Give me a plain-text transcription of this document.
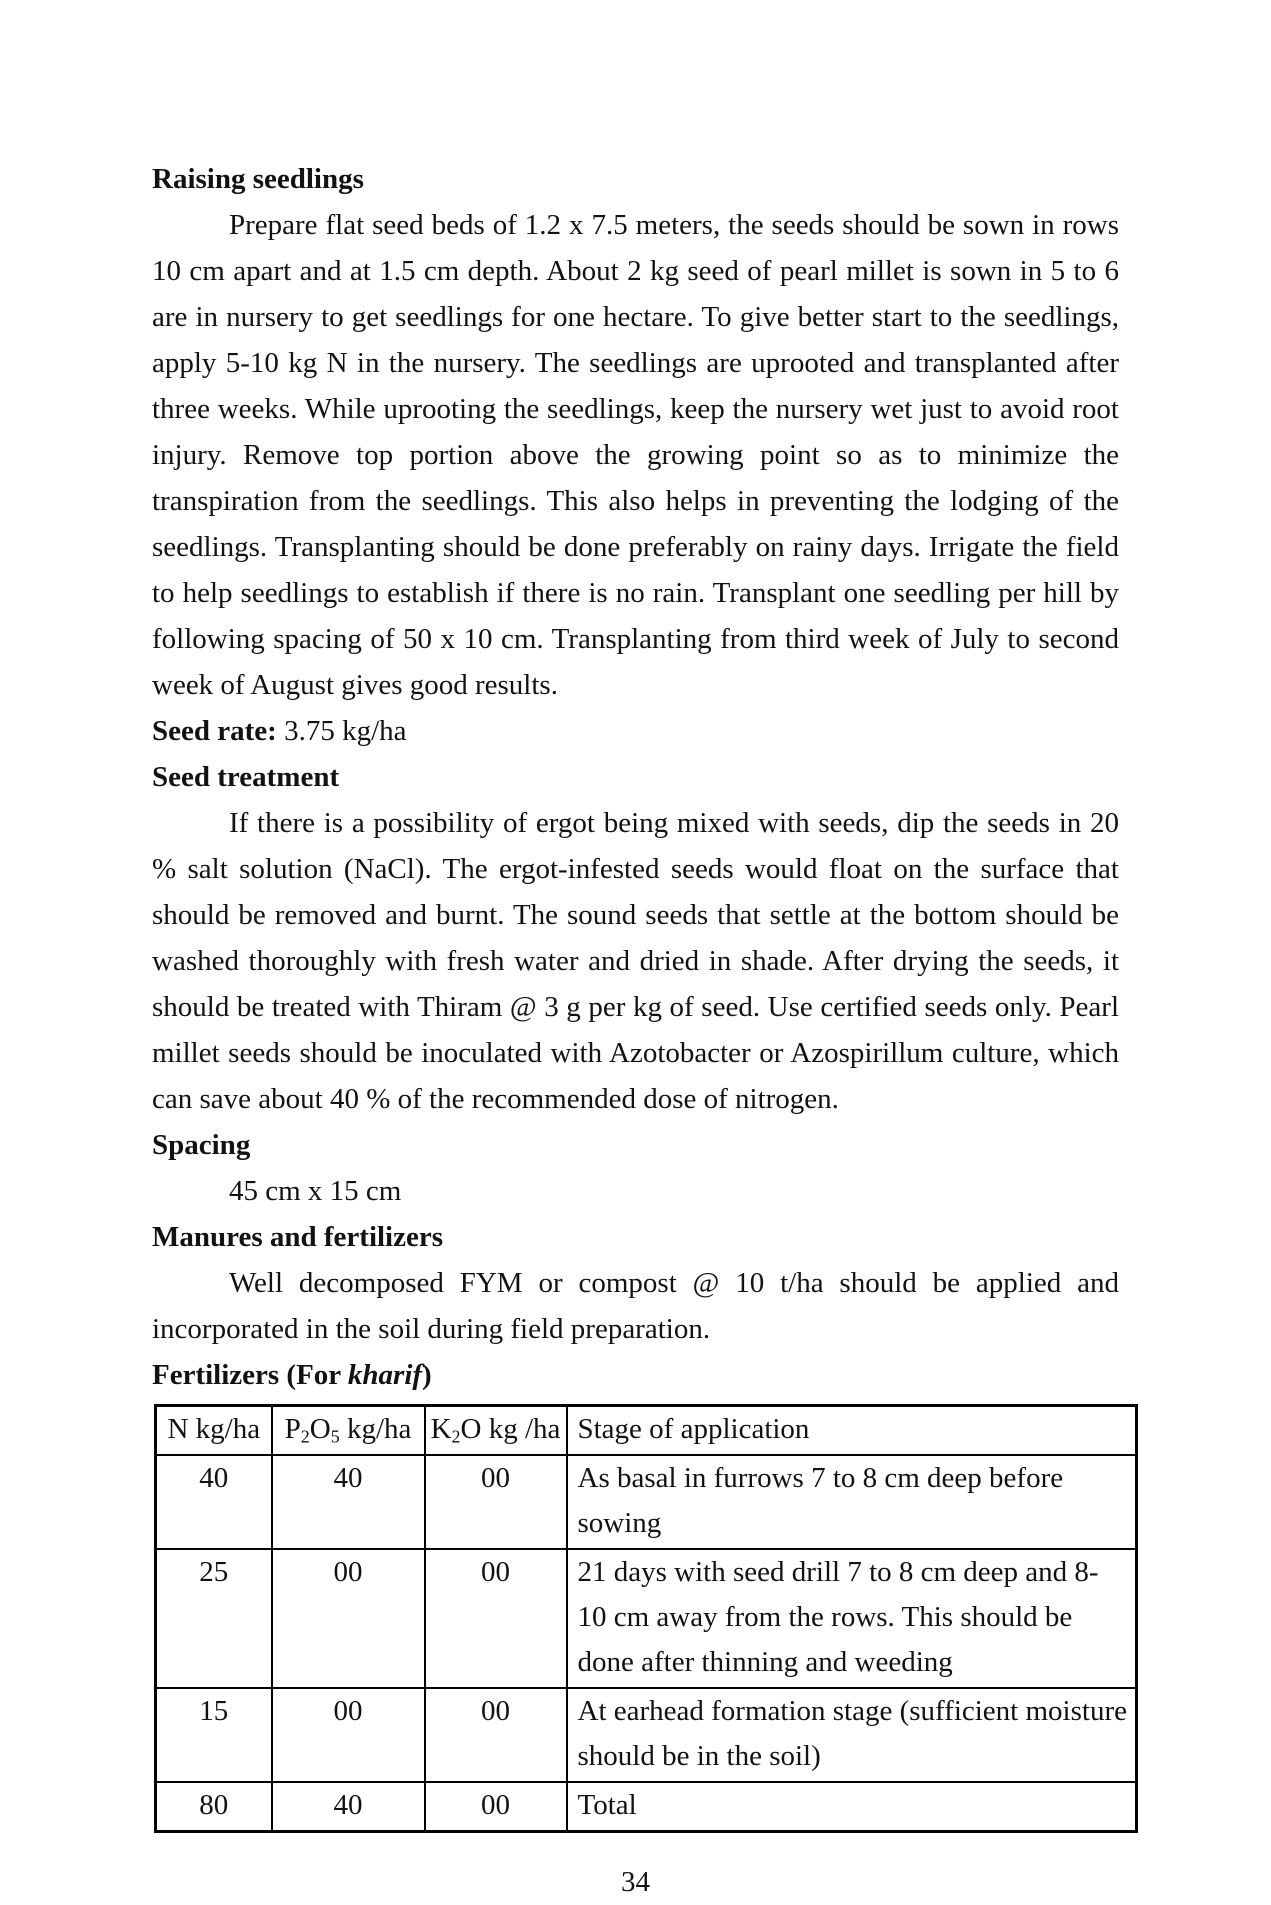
Raising seedlings

Prepare flat seed beds of 1.2 x 7.5 meters, the seeds should be sown in rows 10 cm apart and at 1.5 cm depth. About 2 kg seed of pearl millet is sown in 5 to 6 are in nursery to get seedlings for one hectare. To give better start to the seedlings, apply 5-10 kg N in the nursery. The seedlings are uprooted and transplanted after three weeks. While uprooting the seedlings, keep the nursery wet just to avoid root injury. Remove top portion above the growing point so as to minimize the transpiration from the seedlings. This also helps in preventing the lodging of the seedlings. Transplanting should be done preferably on rainy days. Irrigate the field to help seedlings to establish if there is no rain. Transplant one seedling per hill by following spacing of 50 x 10 cm. Transplanting from third week of July to second week of August gives good results.

Seed rate: 3.75 kg/ha

Seed treatment

If there is a possibility of ergot being mixed with seeds, dip the seeds in 20 % salt solution (NaCl). The ergot-infested seeds would float on the surface that should be removed and burnt. The sound seeds that settle at the bottom should be washed thoroughly with fresh water and dried in shade. After drying the seeds, it should be treated with Thiram @ 3 g per kg of seed. Use certified seeds only. Pearl millet seeds should be inoculated with Azotobacter or Azospirillum culture, which can save about 40 % of the recommended dose of nitrogen.

Spacing

45 cm x 15 cm

Manures and fertilizers

Well decomposed FYM or compost @ 10 t/ha should be applied and incorporated in the soil during field preparation.

Fertilizers (For kharif)

N kg/ha	$P_2O_5$ kg/ha	$K_2O$ kg /ha	Stage of application
40	40	00	As basal in furrows 7 to 8 cm deep before sowing
25	00	00	21 days with seed drill 7 to 8 cm deep and 8-10 cm away from the rows. This should be done after thinning and weeding
15	00	00	At earhead formation stage (sufficient moisture should be in the soil)
80	40	00	Total
34
